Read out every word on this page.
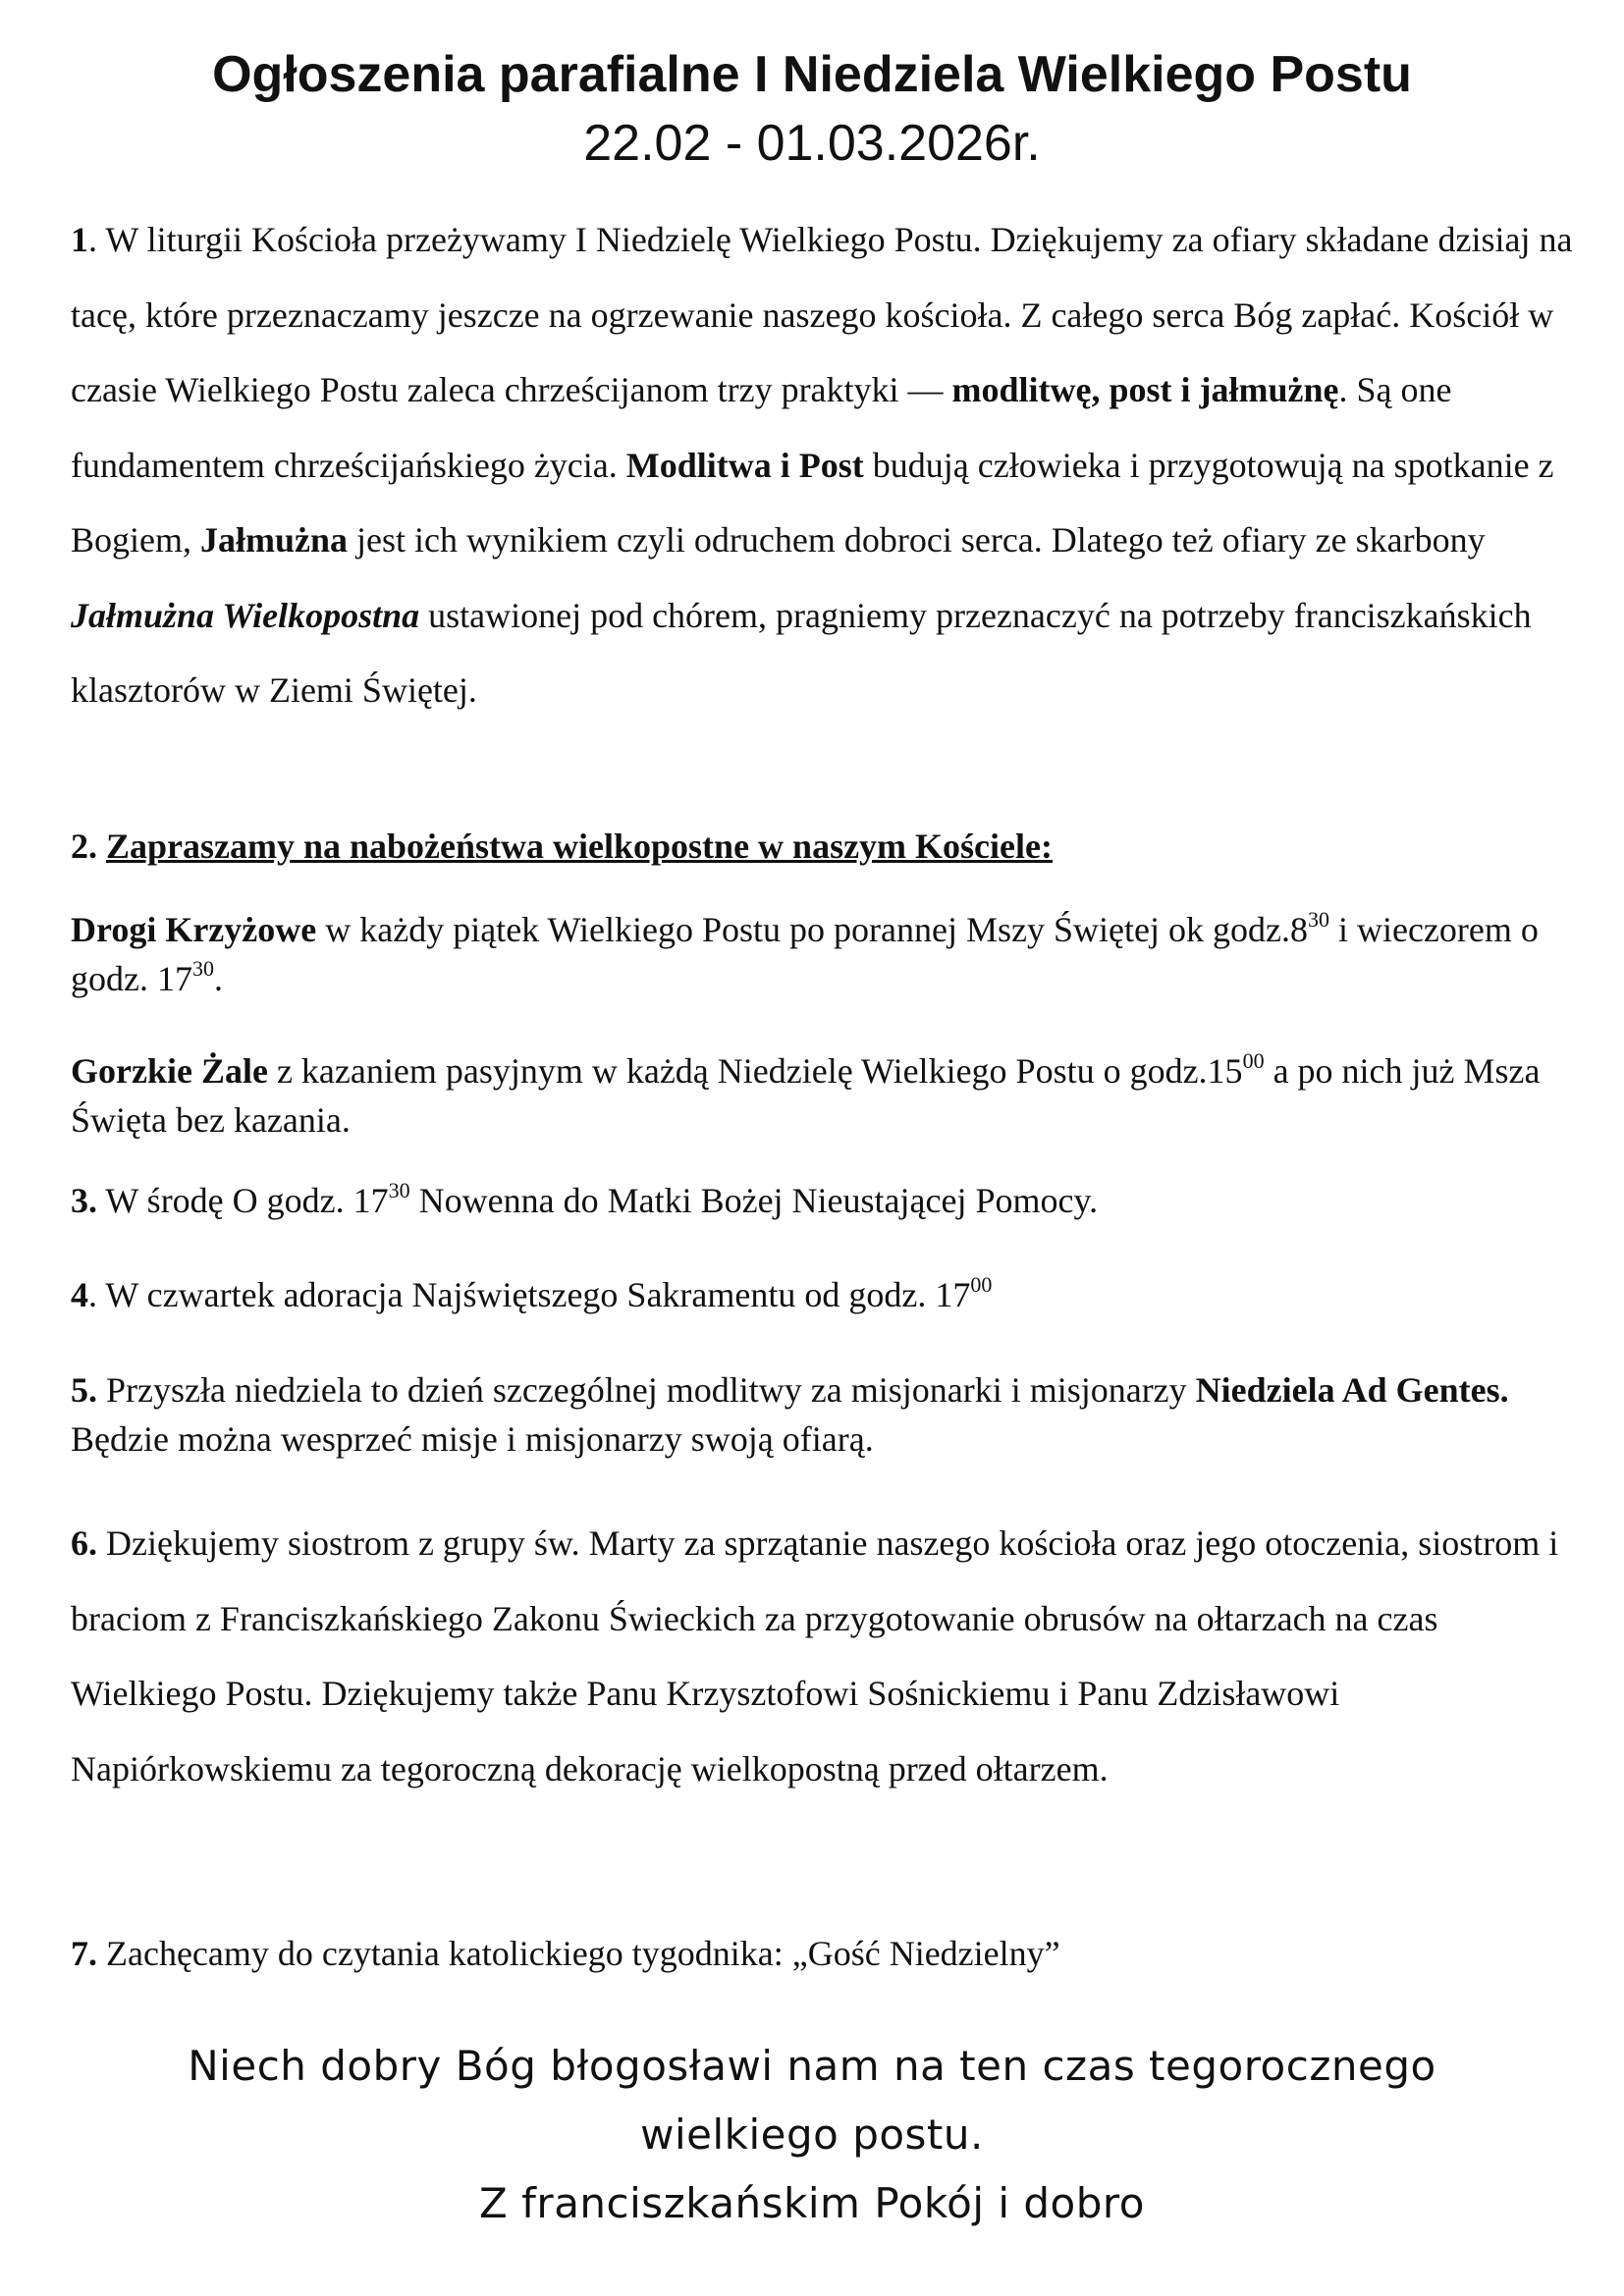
Ogłoszenia parafialne I Niedziela Wielkiego Postu
22.02 - 01.03.2026r.

1. W liturgii Kościoła przeżywamy I Niedzielę Wielkiego Postu. Dziękujemy za ofiary składane dzisiaj na tacę, które przeznaczamy jeszcze na ogrzewanie naszego kościoła. Z całego serca Bóg zapłać. Kościół w czasie Wielkiego Postu zaleca chrześcijanom trzy praktyki — modlitwę, post i jałmużnę. Są one fundamentem chrześcijańskiego życia. Modlitwa i Post budują człowieka i przygotowują na spotkanie z Bogiem, Jałmużna jest ich wynikiem czyli odruchem dobroci serca. Dlatego też ofiary ze skarbony Jałmużna Wielkopostna ustawionej pod chórem, pragniemy przeznaczyć na potrzeby franciszkańskich klasztorów w Ziemi Świętej.

2. Zapraszamy na nabożeństwa wielkopostne w naszym Kościele:

Drogi Krzyżowe w każdy piątek Wielkiego Postu po porannej Mszy Świętej ok $godz.8^{30}$ i wieczorem o godz. $17^{30}$.

Gorzkie Żale z kazaniem pasyjnym w każdą Niedzielę Wielkiego Postu o $godz.15^{00}$ a po nich już Msza Święta bez kazania.

3. W środę O godz. $17^{30}$ Nowenna do Matki Bożej Nieustającej Pomocy.

4. W czwartek adoracja Najświętszego Sakramentu od godz. $17^{00}$

5. Przyszła niedziela to dzień szczególnej modlitwy za misjonarki i misjonarzy Niedziela Ad Gentes. Będzie można wesprzeć misje i misjonarzy swoją ofiarą.

6. Dziękujemy siostrom z grupy św. Marty za sprzątanie naszego kościoła oraz jego otoczenia, siostrom i braciom z Franciszkańskiego Zakonu Świeckich za przygotowanie obrusów na ołtarzach na czas Wielkiego Postu. Dziękujemy także Panu Krzysztofowi Sośnickiemu i Panu Zdzisławowi Napiórkowskiemu za tegoroczną dekorację wielkopostną przed ołtarzem.

7. Zachęcamy do czytania katolickiego tygodnika: „Gość Niedzielny”

Niech dobry Bóg błogosławi nam na ten czas tegorocznego
wielkiego postu.
Z franciszkańskim Pokój i dobro
